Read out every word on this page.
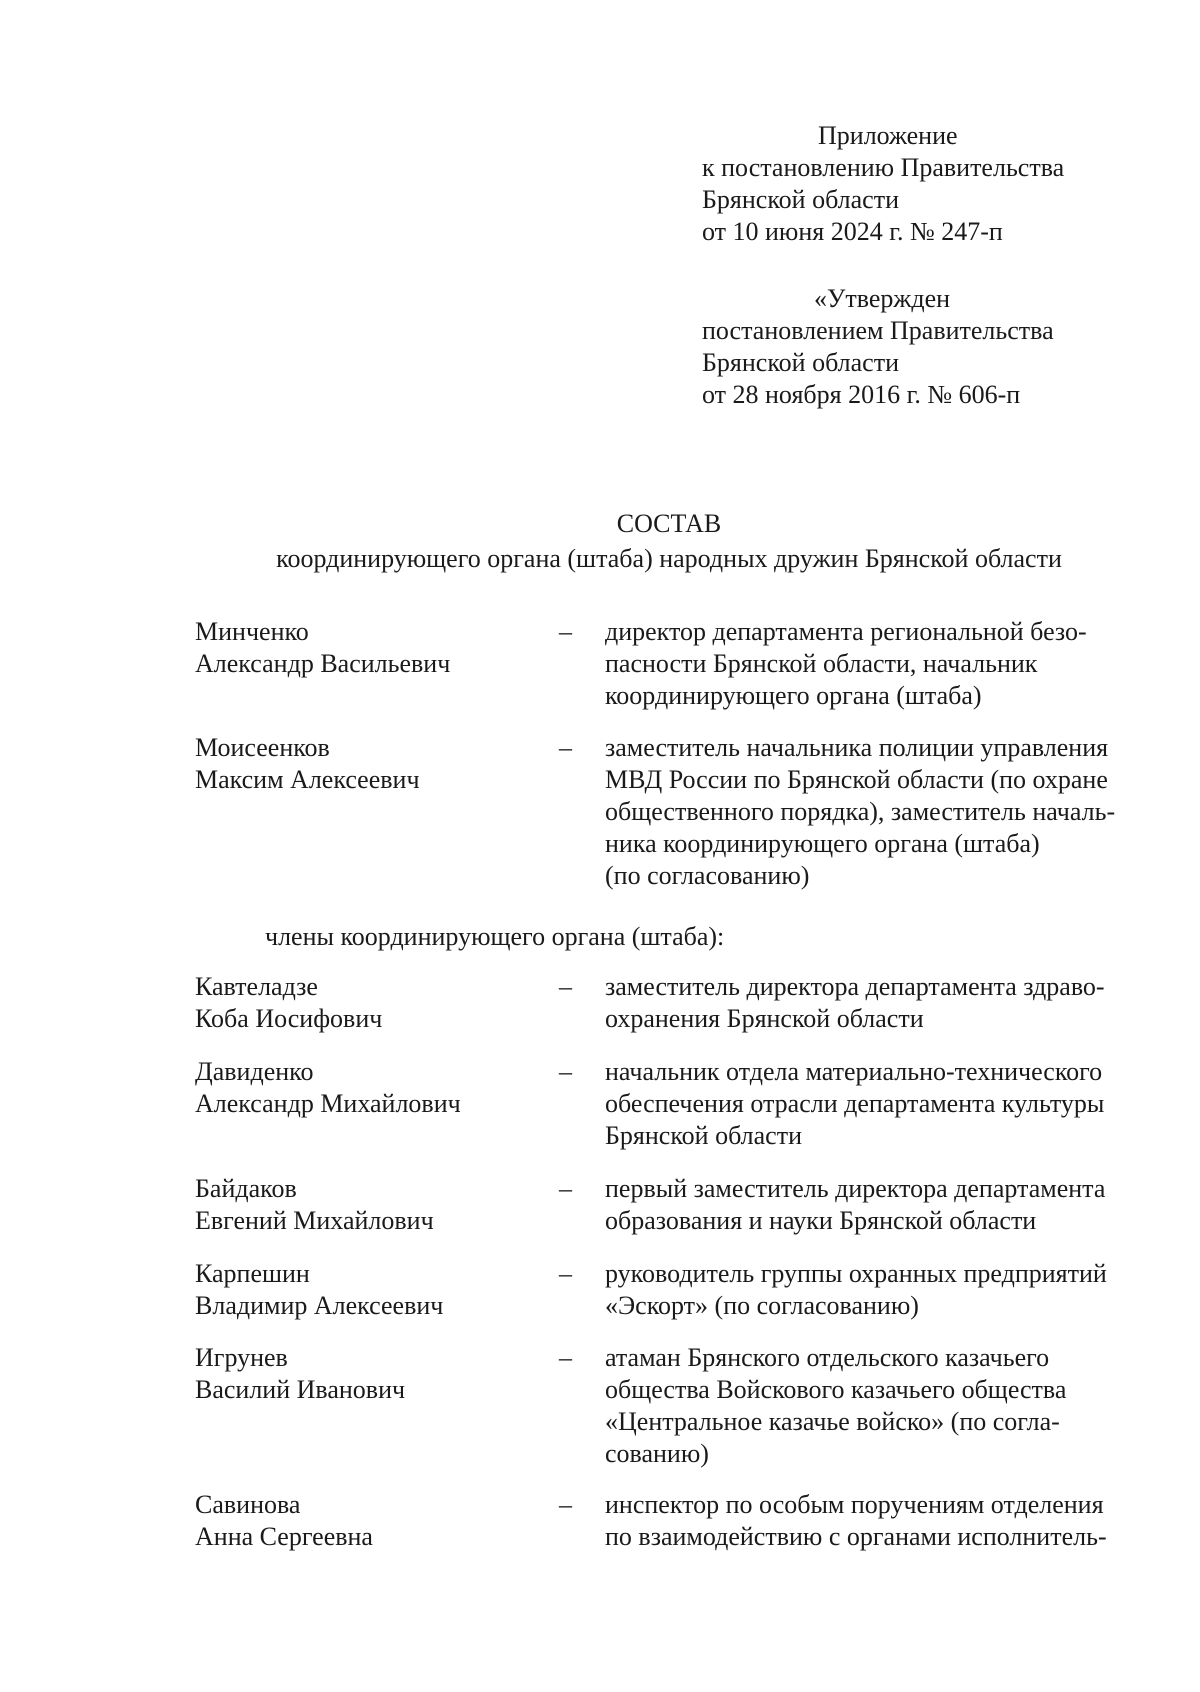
Приложение
к постановлению Правительства
Брянской области
от 10 июня 2024 г. № 247-п
«Утвержден
постановлением Правительства
Брянской области
от 28 ноября 2016 г. № 606-п
СОСТАВ
координирующего органа (штаба) народных дружин Брянской области
Минченко
Александр Васильевич
– директор департамента региональной безо-
пасности Брянской области, начальник
координирующего органа (штаба)
Моисеенков
Максим Алексеевич
– заместитель начальника полиции управления
МВД России по Брянской области (по охране
общественного порядка), заместитель началь-
ника координирующего органа (штаба)
(по согласованию)
члены координирующего органа (штаба):
Кавтеладзе
Коба Иосифович
– заместитель директора департамента здраво-
охранения Брянской области
Давиденко
Александр Михайлович
– начальник отдела материально-технического
обеспечения отрасли департамента культуры
Брянской области
Байдаков
Евгений Михайлович
– первый заместитель директора департамента
образования и науки Брянской области
Карпешин
Владимир Алексеевич
– руководитель группы охранных предприятий
«Эскорт» (по согласованию)
Игрунев
Василий Иванович
– атаман Брянского отдельского казачьего
общества Войскового казачьего общества
«Центральное казачье войско» (по согла-
сованию)
Савинова
Анна Сергеевна
– инспектор по особым поручениям отделения
по взаимодействию с органами исполнитель-
